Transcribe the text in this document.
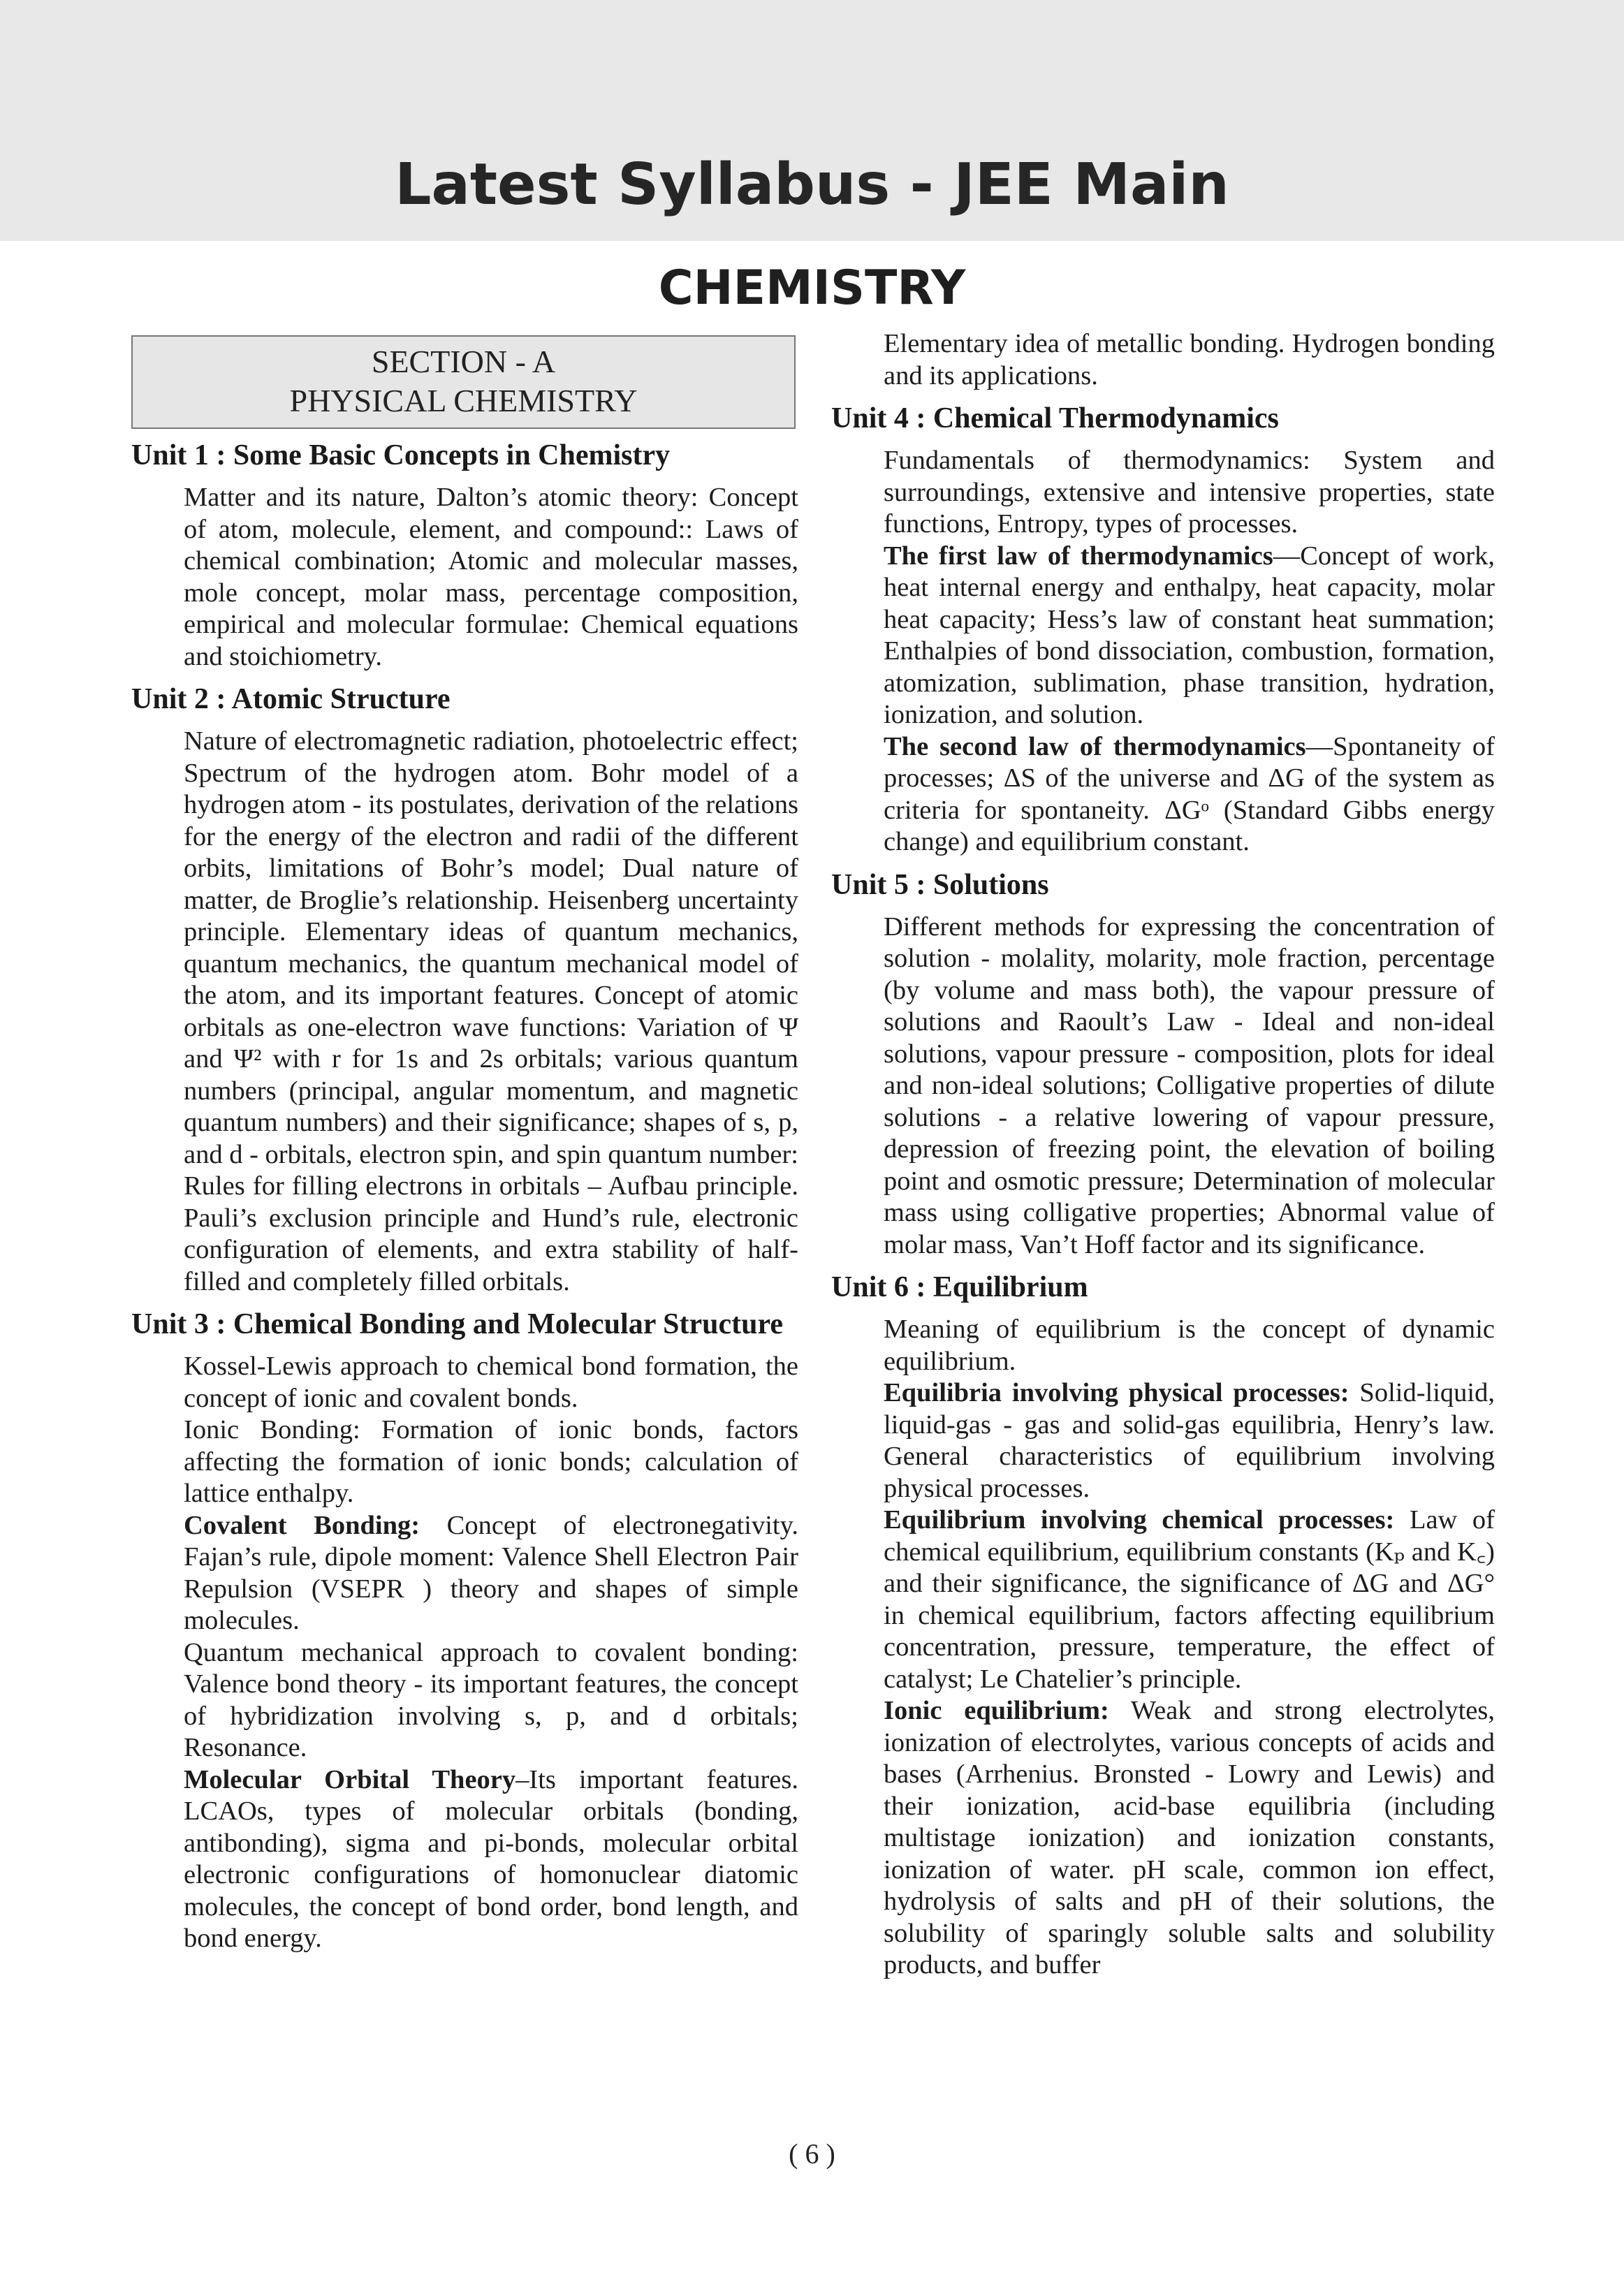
Latest Syllabus - JEE Main
CHEMISTRY
SECTION - A
PHYSICAL CHEMISTRY
Unit 1 : Some Basic Concepts in Chemistry

Matter and its nature, Dalton’s atomic theory: Concept of atom, molecule, element, and compound:: Laws of chemical combination; Atomic and molecular masses, mole concept, molar mass, percentage composition, empirical and molecular formulae: Chemical equations and stoichiometry.

Unit 2 : Atomic Structure

Nature of electromagnetic radiation, photoelectric effect; Spectrum of the hydrogen atom. Bohr model of a hydrogen atom - its postulates, derivation of the relations for the energy of the electron and radii of the different orbits, limitations of Bohr’s model; Dual nature of matter, de Broglie’s relationship. Heisenberg uncertainty principle. Elementary ideas of quantum mechanics, quantum mechanics, the quantum mechanical model of the atom, and its important features. Concept of atomic orbitals as one-electron wave functions: Variation of Ψ and Ψ² with r for 1s and 2s orbitals; various quantum numbers (principal, angular momentum, and magnetic quantum numbers) and their significance; shapes of s, p, and d - orbitals, electron spin, and spin quantum number: Rules for filling electrons in orbitals – Aufbau principle. Pauli’s exclusion principle and Hund’s rule, electronic configuration of elements, and extra stability of half-filled and completely filled orbitals.

Unit 3 : Chemical Bonding and Molecular Structure

Kossel-Lewis approach to chemical bond formation, the concept of ionic and covalent bonds.

Ionic Bonding: Formation of ionic bonds, factors affecting the formation of ionic bonds; calculation of lattice enthalpy.

Covalent Bonding: Concept of electronegativity. Fajan’s rule, dipole moment: Valence Shell Electron Pair Repulsion (VSEPR ) theory and shapes of simple molecules.

Quantum mechanical approach to covalent bonding: Valence bond theory - its important features, the concept of hybridization involving s, p, and d orbitals; Resonance.

Molecular Orbital Theory–Its important features. LCAOs, types of molecular orbitals (bonding, antibonding), sigma and pi-bonds, molecular orbital electronic configurations of homonuclear diatomic molecules, the concept of bond order, bond length, and bond energy.

Elementary idea of metallic bonding. Hydrogen bonding and its applications.

Unit 4 : Chemical Thermodynamics

Fundamentals of thermodynamics: System and surroundings, extensive and intensive properties, state functions, Entropy, types of processes.

The first law of thermodynamics—Concept of work, heat internal energy and enthalpy, heat capacity, molar heat capacity; Hess’s law of constant heat summation; Enthalpies of bond dissociation, combustion, formation, atomization, sublimation, phase transition, hydration, ionization, and solution.

The second law of thermodynamics—Spontaneity of processes; ΔS of the universe and ΔG of the system as criteria for spontaneity. ΔGᵒ (Standard Gibbs energy change) and equilibrium constant.

Unit 5 : Solutions

Different methods for expressing the concentration of solution - molality, molarity, mole fraction, percentage (by volume and mass both), the vapour pressure of solutions and Raoult’s Law - Ideal and non-ideal solutions, vapour pressure - composition, plots for ideal and non-ideal solutions; Colligative properties of dilute solutions - a relative lowering of vapour pressure, depression of freezing point, the elevation of boiling point and osmotic pressure; Determination of molecular mass using colligative properties; Abnormal value of molar mass, Van’t Hoff factor and its significance.

Unit 6 : Equilibrium

Meaning of equilibrium is the concept of dynamic equilibrium.

Equilibria involving physical processes: Solid-liquid, liquid-gas - gas and solid-gas equilibria, Henry’s law. General characteristics of equilibrium involving physical processes.

Equilibrium involving chemical processes: Law of chemical equilibrium, equilibrium constants (Kₚ and K꜀) and their significance, the significance of ΔG and ΔG° in chemical equilibrium, factors affecting equilibrium concentration, pressure, temperature, the effect of catalyst; Le Chatelier’s principle.

Ionic equilibrium: Weak and strong electrolytes, ionization of electrolytes, various concepts of acids and bases (Arrhenius. Bronsted - Lowry and Lewis) and their ionization, acid-base equilibria (including multistage ionization) and ionization constants, ionization of water. pH scale, common ion effect, hydrolysis of salts and pH of their solutions, the solubility of sparingly soluble salts and solubility products, and buffer

( 6 )
